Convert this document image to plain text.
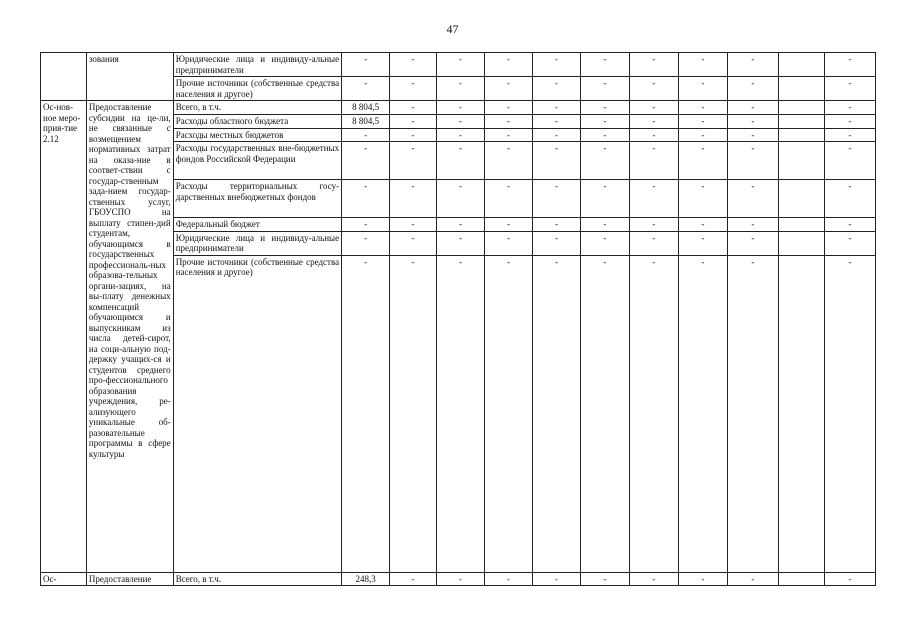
47
	зования	Юридические лица и индивиду-альные предприниматели	-	-	-	-	-	-	-	-	-		-
		Прочие источники (собственные средства населения и другое)	-	-	-	-	-	-	-	-	-		-
Ос-нов-ное меро-прия-тие 2.12	Предоставление субсидии на це-ли, не связанные с возмещением нормативных затрат на оказа-ние в соответ-ствии с государ-ственным зада-нием государ-ственных услуг, ГБОУСПО на выплату стипен-дий студентам, обучающимся в государственных профессиональ-ных образова-тельных органи-зациях, на вы-плату денежных компенсаций обучающимся и выпускникам из числа детей-сирот, на соци-альную под-держку учащих-ся и студентов среднего про-фессионального образования учреждения, ре-ализующего уникальные об-разовательные программы в сфере культуры	Всего, в т.ч.	8 804,5	-	-	-	-	-	-	-	-		-
		Расходы областного бюджета	8 804,5	-	-	-	-	-	-	-	-		-
		Расходы местных бюджетов	-	-	-	-	-	-	-	-	-		-
		Расходы государственных вне-бюджетных фондов Российской Федерации	-	-	-	-	-	-	-	-	-		-
		Расходы территориальных госу-дарственных внебюджетных фондов	-	-	-	-	-	-	-	-	-		-
		Федеральный бюджет	-	-	-	-	-	-	-	-	-		-
		Юридические лица и индивиду-альные предприниматели	-	-	-	-	-	-	-	-	-		-
		Прочие источники (собственные средства населения и другое)	-	-	-	-	-	-	-	-	-		-
Ос-	Предоставление	Всего, в т.ч.	248,3	-	-	-	-	-	-	-	-		-
